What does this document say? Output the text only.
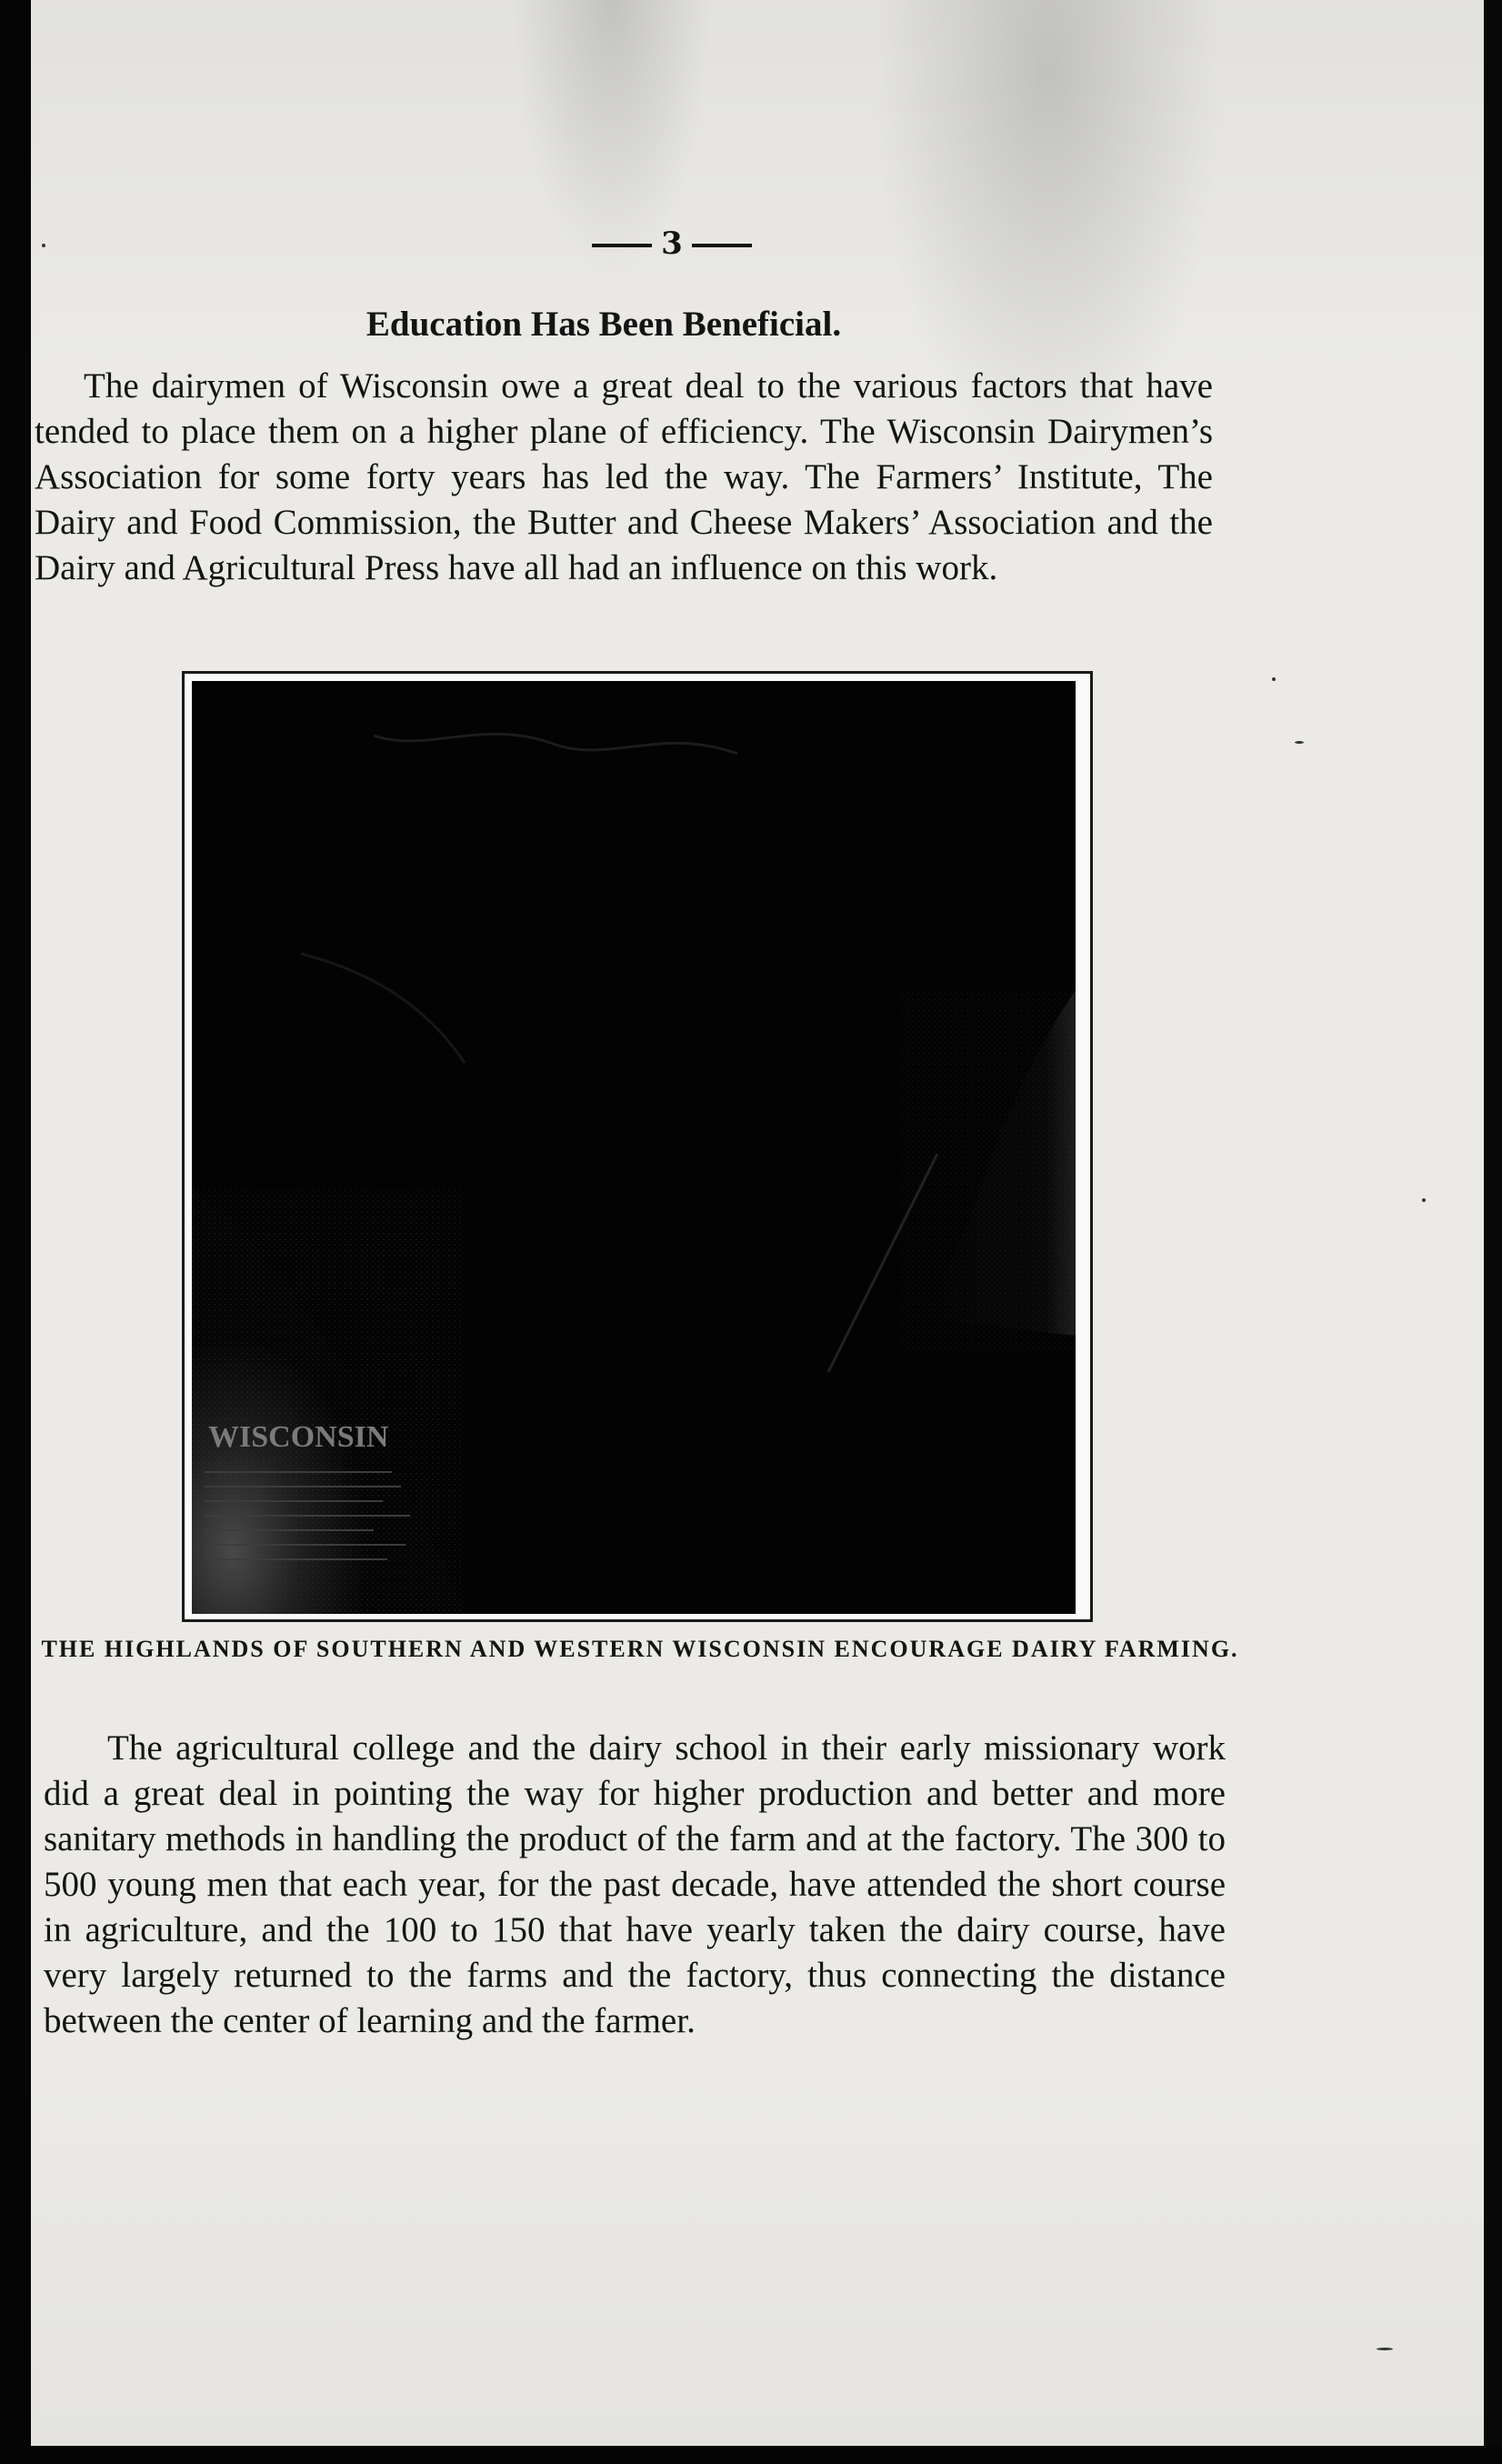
3
Education Has Been Beneficial.

The dairymen of Wisconsin owe a great deal to the various factors that have tended to place them on a higher plane of efficiency. The Wisconsin Dairymen’s Association for some forty years has led the way. The Farmers’ Institute, The Dairy and Food Commission, the Butter and Cheese Makers’ Association and the Dairy and Agricultural Press have all had an influence on this work.

WISCONSIN

THE HIGHLANDS OF SOUTHERN AND WESTERN WISCONSIN ENCOURAGE DAIRY FARMING.

The agricultural college and the dairy school in their early missionary work did a great deal in pointing the way for higher production and better and more sanitary methods in handling the product of the farm and at the factory. The 300 to 500 young men that each year, for the past decade, have attended the short course in agriculture, and the 100 to 150 that have yearly taken the dairy course, have very largely returned to the farms and the factory, thus connecting the distance between the center of learning and the farmer.
